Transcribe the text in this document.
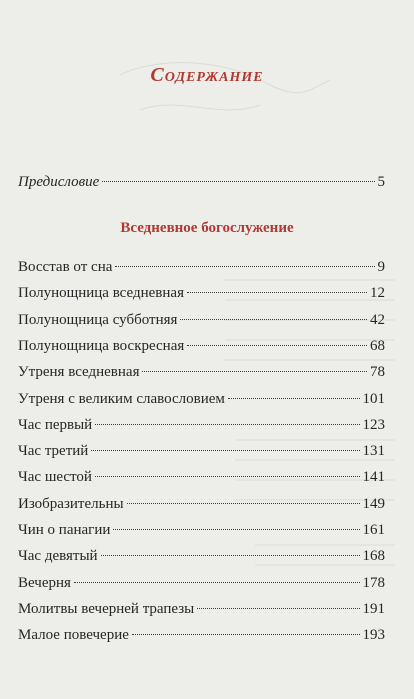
Содержание
Предисловие	5
Вседневное богослужение
Восстав от сна	9
Полунощница вседневная	12
Полунощница субботняя	42
Полунощница воскресная	68
Утреня вседневная	78
Утреня с великим славословием	101
Час первый	123
Час третий	131
Час шестой	141
Изобразительны	149
Чин о панагии	161
Час девятый	168
Вечерня	178
Молитвы вечерней трапезы	191
Малое повечерие	193
